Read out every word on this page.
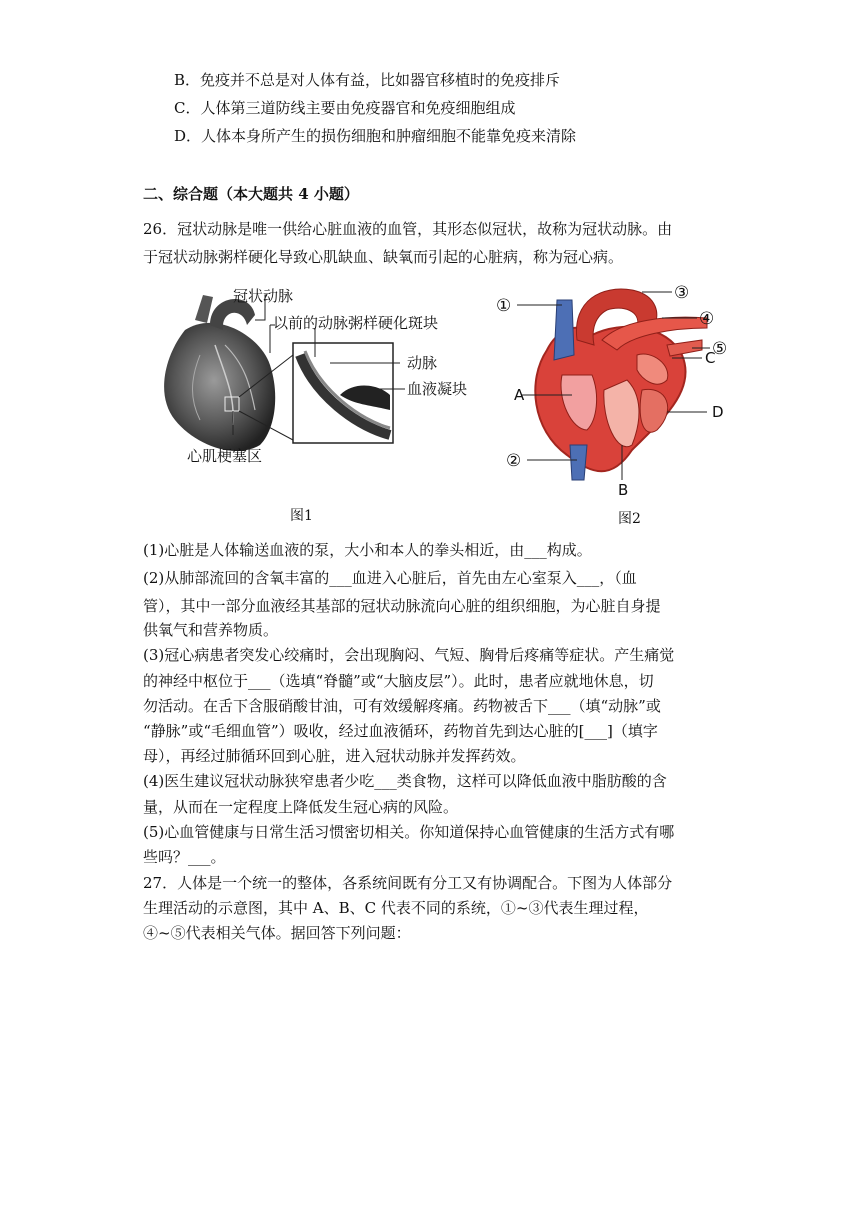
B．免疫并不总是对人体有益，比如器官移植时的免疫排斥
C．人体第三道防线主要由免疫器官和免疫细胞组成
D．人体本身所产生的损伤细胞和肿瘤细胞不能靠免疫来清除
二、综合题（本大题共 4 小题）
26．冠状动脉是唯一供给心脏血液的血管，其形态似冠状，故称为冠状动脉。由
于冠状动脉粥样硬化导致心肌缺血、缺氧而引起的心脏病，称为冠心病。
冠状动脉
以前的动脉粥样硬化斑块
动脉
血液凝块
心肌梗塞区
图1
①
②
③
④
⑤
A
B
C
D
图2
(1)心脏是人体输送血液的泵，大小和本人的拳头相近，由___构成。
(2)从肺部流回的含氧丰富的___血进入心脏后，首先由左心室泵入___，（血
管），其中一部分血液经其基部的冠状动脉流向心脏的组织细胞，为心脏自身提
供氧气和营养物质。
(3)冠心病患者突发心绞痛时，会出现胸闷、气短、胸骨后疼痛等症状。产生痛觉
的神经中枢位于___（选填“脊髓”或“大脑皮层”）。此时，患者应就地休息，切
勿活动。在舌下含服硝酸甘油，可有效缓解疼痛。药物被舌下___（填“动脉”或
“静脉”或“毛细血管”）吸收，经过血液循环，药物首先到达心脏的[___]（填字
母），再经过肺循环回到心脏，进入冠状动脉并发挥药效。
(4)医生建议冠状动脉狭窄患者少吃___类食物，这样可以降低血液中脂肪酸的含
量，从而在一定程度上降低发生冠心病的风险。
(5)心血管健康与日常生活习惯密切相关。你知道保持心血管健康的生活方式有哪
些吗？___。
27．人体是一个统一的整体，各系统间既有分工又有协调配合。下图为人体部分
生理活动的示意图，其中 A、B、C 代表不同的系统，①~③代表生理过程，
④~⑤代表相关气体。据回答下列问题：
